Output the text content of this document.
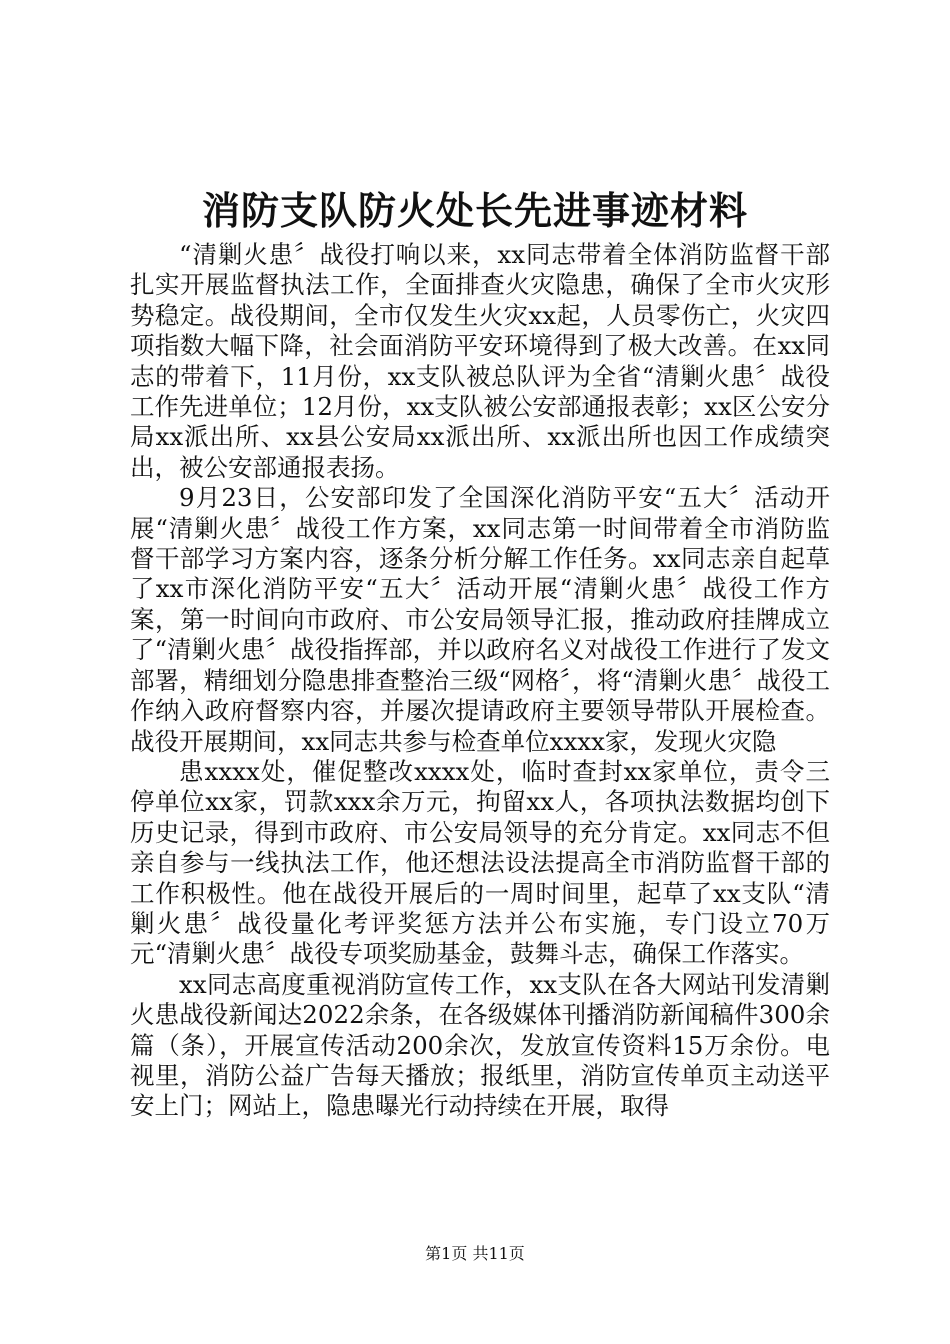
消防支队防火处长先进事迹材料

“清剿火患〞战役打响以来，xx同志带着全体消防监督干部扎实开展监督执法工作，全面排查火灾隐患，确保了全市火灾形势稳定。战役期间，全市仅发生火灾xx起，人员零伤亡，火灾四项指数大幅下降，社会面消防平安环境得到了极大改善。在xx同志的带着下，11月份，xx支队被总队评为全省“清剿火患〞战役工作先进单位；12月份，xx支队被公安部通报表彰；xx区公安分局xx派出所、xx县公安局xx派出所、xx派出所也因工作成绩突出，被公安部通报表扬。

9月23日，公安部印发了全国深化消防平安“五大〞活动开展“清剿火患〞战役工作方案，xx同志第一时间带着全市消防监督干部学习方案内容，逐条分析分解工作任务。xx同志亲自起草了xx市深化消防平安“五大〞活动开展“清剿火患〞战役工作方案，第一时间向市政府、市公安局领导汇报，推动政府挂牌成立了“清剿火患〞战役指挥部，并以政府名义对战役工作进行了发文部署，精细划分隐患排查整治三级“网格〞，将“清剿火患〞战役工作纳入政府督察内容，并屡次提请政府主要领导带队开展检查。战役开展期间，xx同志共参与检查单位xxxx家，发现火灾隐

患xxxx处，催促整改xxxx处，临时查封xx家单位，责令三停单位xx家，罚款xxx余万元，拘留xx人，各项执法数据均创下历史记录，得到市政府、市公安局领导的充分肯定。xx同志不但亲自参与一线执法工作，他还想法设法提高全市消防监督干部的工作积极性。他在战役开展后的一周时间里，起草了xx支队“清剿火患〞战役量化考评奖惩方法并公布实施，专门设立70万元“清剿火患〞战役专项奖励基金，鼓舞斗志，确保工作落实。

xx同志高度重视消防宣传工作，xx支队在各大网站刊发清剿火患战役新闻达2022余条，在各级媒体刊播消防新闻稿件300余篇（条），开展宣传活动200余次，发放宣传资料15万余份。电视里，消防公益广告每天播放；报纸里，消防宣传单页主动送平安上门；网站上，隐患曝光行动持续在开展，取得

第1页 共11页
